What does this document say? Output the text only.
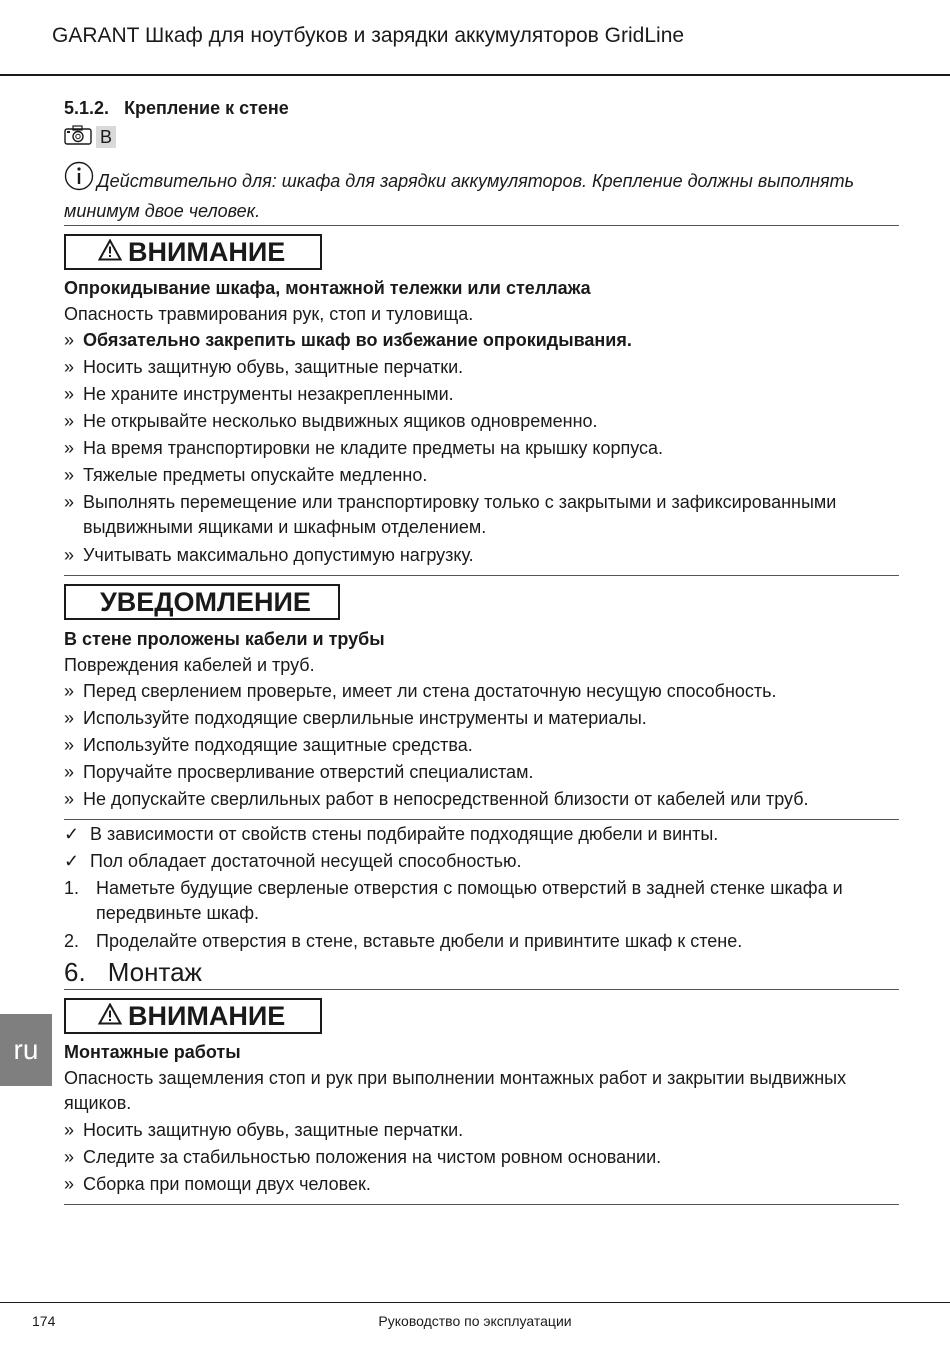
GARANT Шкаф для ноутбуков и зарядки аккумуляторов GridLine
5.1.2. Крепление к стене
B
Действительно для: шкафа для зарядки аккумуляторов. Крепление должны выполнять минимум двое человек.
ВНИМАНИЕ
Опрокидывание шкафа, монтажной тележки или стеллажа
Опасность травмирования рук, стоп и туловища.
» Обязательно закрепить шкаф во избежание опрокидывания.
» Носить защитную обувь, защитные перчатки.
» Не храните инструменты незакрепленными.
» Не открывайте несколько выдвижных ящиков одновременно.
» На время транспортировки не кладите предметы на крышку корпуса.
» Тяжелые предметы опускайте медленно.
» Выполнять перемещение или транспортировку только с закрытыми и зафиксированными выдвижными ящиками и шкафным отделением.
» Учитывать максимально допустимую нагрузку.
УВЕДОМЛЕНИЕ
В стене проложены кабели и трубы
Повреждения кабелей и труб.
» Перед сверлением проверьте, имеет ли стена достаточную несущую способность.
» Используйте подходящие сверлильные инструменты и материалы.
» Используйте подходящие защитные средства.
» Поручайте просверливание отверстий специалистам.
» Не допускайте сверлильных работ в непосредственной близости от кабелей или труб.
✓ В зависимости от свойств стены подбирайте подходящие дюбели и винты.
✓ Пол обладает достаточной несущей способностью.
1. Наметьте будущие сверленые отверстия с помощью отверстий в задней стенке шкафа и передвиньте шкаф.
2. Проделайте отверстия в стене, вставьте дюбели и привинтите шкаф к стене.
6. Монтаж
ВНИМАНИЕ
Монтажные работы
Опасность защемления стоп и рук при выполнении монтажных работ и закрытии выдвижных ящиков.
» Носить защитную обувь, защитные перчатки.
» Следите за стабильностью положения на чистом ровном основании.
» Сборка при помощи двух человек.
ru
174	Руководство по эксплуатации
